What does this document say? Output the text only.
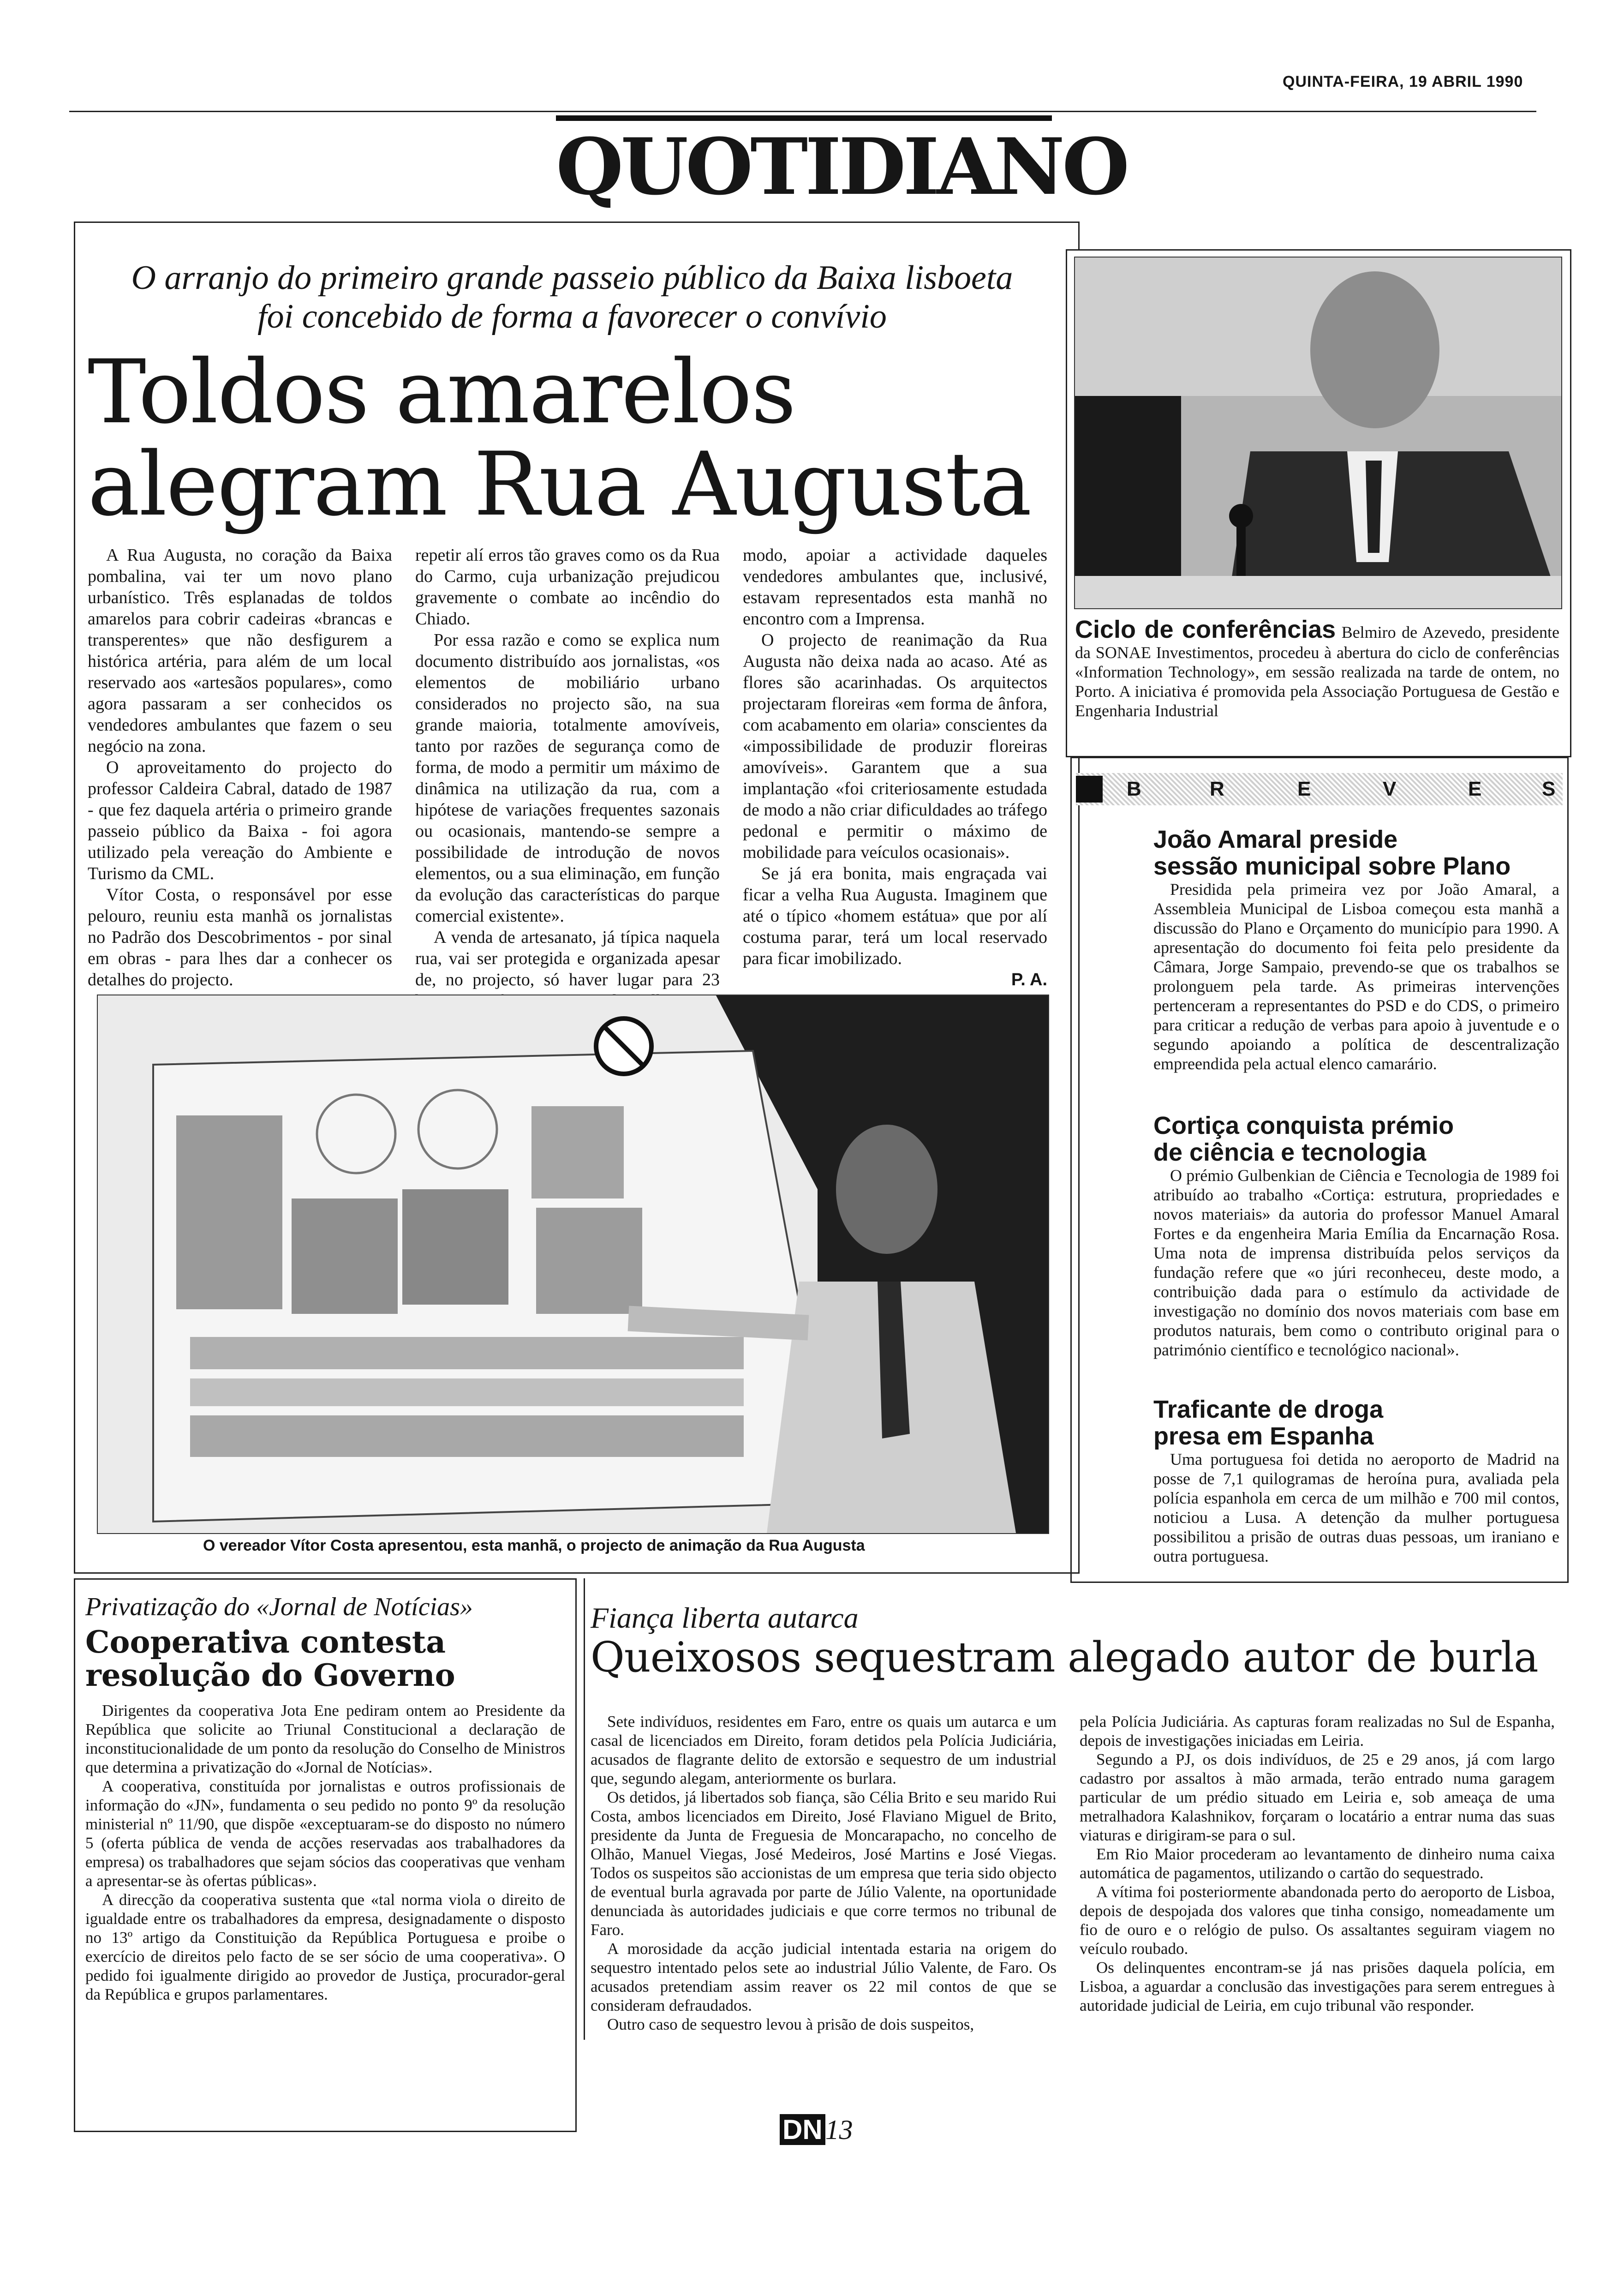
QUINTA-FEIRA, 19 ABRIL 1990
QUOTIDIANO
O arranjo do primeiro grande passeio público da Baixa lisboeta
foi concebido de forma a favorecer o convívio
Toldos amarelos
alegram Rua Augusta

A Rua Augusta, no coração da Baixa pombalina, vai ter um novo plano urbanístico. Três esplanadas de toldos amarelos para cobrir cadeiras «brancas e transperentes» que não desfigurem a histórica artéria, para além de um local reservado aos «artesãos populares», como agora passaram a ser conhecidos os vendedores ambulantes que fazem o seu negócio na zona.

O aproveitamento do projecto do professor Caldeira Cabral, datado de 1987 - que fez daquela artéria o primeiro grande passeio público da Baixa - foi agora utilizado pela vereação do Ambiente e Turismo da CML.

Vítor Costa, o responsável por esse pelouro, reuniu esta manhã os jornalistas no Padrão dos Descobrimentos - por sinal em obras - para lhes dar a conhecer os detalhes do projecto.

repetir alí erros tão graves como os da Rua do Carmo, cuja urbanização prejudicou gravemente o combate ao incêndio do Chiado.

Por essa razão e como se explica num documento distribuído aos jornalistas, «os elementos de mobiliário urbano considerados no projecto são, na sua grande maioria, totalmente amovíveis, tanto por razões de segurança como de forma, de modo a permitir um máximo de dinâmica na utilização da rua, com a hipótese de variações frequentes sazonais ou ocasionais, mantendo-se sempre a possibilidade de introdução de novos elementos, ou a sua eliminação, em função da evolução das características do parque comercial existente».

A venda de artesanato, já típica naquela rua, vai ser protegida e organizada apesar de, no projecto, só haver lugar para 23

modo, apoiar a actividade daqueles vendedores ambulantes que, inclusivé, estavam representados esta manhã no encontro com a Imprensa.

O projecto de reanimação da Rua Augusta não deixa nada ao acaso. Até as flores são acarinhadas. Os arquitectos projectaram floreiras «em forma de ânfora, com acabamento em olaria» conscientes da «impossibilidade de produzir floreiras amovíveis». Garantem que a sua implantação «foi criteriosamente estudada de modo a não criar dificuldades ao tráfego pedonal e permitir o máximo de mobilidade para veículos ocasionais».

Se já era bonita, mais engraçada vai ficar a velha Rua Augusta. Imaginem que até o típico «homem estátua» que por alí costuma parar, terá um local reservado para ficar imobilizado.

P. A.
O vereador Vítor Costa apresentou, esta manhã, o projecto de animação da Rua Augusta
Ciclo de conferências Belmiro de Azevedo, presidente da SONAE Investimentos, procedeu à abertura do ciclo de conferências «Information Technology», em sessão realizada na tarde de ontem, no Porto. A iniciativa é promovida pela Associação Portuguesa de Gestão e Engenharia Industrial
B	R	E	V	E	S
João Amaral preside
sessão municipal sobre Plano

Presidida pela primeira vez por João Amaral, a Assembleia Municipal de Lisboa começou esta manhã a discussão do Plano e Orçamento do município para 1990. A apresentação do documento foi feita pelo presidente da Câmara, Jorge Sampaio, prevendo-se que os trabalhos se prolonguem pela tarde. As primeiras intervenções pertenceram a representantes do PSD e do CDS, o primeiro para criticar a redução de verbas para apoio à juventude e o segundo apoiando a política de descentralização empreendida pela actual elenco camarário.

Cortiça conquista prémio
de ciência e tecnologia

O prémio Gulbenkian de Ciência e Tecnologia de 1989 foi atribuído ao trabalho «Cortiça: estrutura, propriedades e novos materiais» da autoria do professor Manuel Amaral Fortes e da engenheira Maria Emília da Encarnação Rosa. Uma nota de imprensa distribuída pelos serviços da fundação refere que «o júri reconheceu, deste modo, a contribuição dada para o estímulo da actividade de investigação no domínio dos novos materiais com base em produtos naturais, bem como o contributo original para o património científico e tecnológico nacional».

Traficante de droga
presa em Espanha

Uma portuguesa foi detida no aeroporto de Madrid na posse de 7,1 quilogramas de heroína pura, avaliada pela polícia espanhola em cerca de um milhão e 700 mil contos, noticiou a Lusa. A detenção da mulher portuguesa possibilitou a prisão de outras duas pessoas, um iraniano e outra portuguesa.

Privatização do «Jornal de Notícias»
Cooperativa contesta
resolução do Governo

Dirigentes da cooperativa Jota Ene pediram ontem ao Presidente da República que solicite ao Triunal Constitucional a declaração de inconstitucionalidade de um ponto da resolução do Conselho de Ministros que determina a privatização do «Jornal de Notícias».

A cooperativa, constituída por jornalistas e outros profissionais de informação do «JN», fundamenta o seu pedido no ponto 9º da resolução ministerial nº 11/90, que dispõe «exceptuaram-se do disposto no número 5 (oferta pública de venda de acções reservadas aos trabalhadores da empresa) os trabalhadores que sejam sócios das cooperativas que venham a apresentar-se às ofertas públicas».

A direcção da cooperativa sustenta que «tal norma viola o direito de igualdade entre os trabalhadores da empresa, designadamente o disposto no 13º artigo da Constituição da República Portuguesa e proibe o exercício de direitos pelo facto de se ser sócio de uma cooperativa». O pedido foi igualmente dirigido ao provedor de Justiça, procurador-geral da República e grupos parlamentares.

Fiança liberta autarca
Queixosos sequestram alegado autor de burla

Sete indivíduos, residentes em Faro, entre os quais um autarca e um casal de licenciados em Direito, foram detidos pela Polícia Judiciária, acusados de flagrante delito de extorsão e sequestro de um industrial que, segundo alegam, anteriormente os burlara.

Os detidos, já libertados sob fiança, são Célia Brito e seu marido Rui Costa, ambos licenciados em Direito, José Flaviano Miguel de Brito, presidente da Junta de Freguesia de Moncarapacho, no concelho de Olhão, Manuel Viegas, José Medeiros, José Martins e José Viegas. Todos os suspeitos são accionistas de um empresa que teria sido objecto de eventual burla agravada por parte de Júlio Valente, na oportunidade denunciada às autoridades judiciais e que corre termos no tribunal de Faro.

A morosidade da acção judicial intentada estaria na origem do sequestro intentado pelos sete ao industrial Júlio Valente, de Faro. Os acusados pretendiam assim reaver os 22 mil contos de que se consideram defraudados.

Outro caso de sequestro levou à prisão de dois suspeitos,

pela Polícia Judiciária. As capturas foram realizadas no Sul de Espanha, depois de investigações iniciadas em Leiria.

Segundo a PJ, os dois indivíduos, de 25 e 29 anos, já com largo cadastro por assaltos à mão armada, terão entrado numa garagem particular de um prédio situado em Leiria e, sob ameaça de uma metralhadora Kalashnikov, forçaram o locatário a entrar numa das suas viaturas e dirigiram-se para o sul.

Em Rio Maior procederam ao levantamento de dinheiro numa caixa automática de pagamentos, utilizando o cartão do sequestrado.

A vítima foi posteriormente abandonada perto do aeroporto de Lisboa, depois de despojada dos valores que tinha consigo, nomeadamente um fio de ouro e o relógio de pulso. Os assaltantes seguiram viagem no veículo roubado.

Os delinquentes encontram-se já nas prisões daquela polícia, em Lisboa, a aguardar a conclusão das investigações para serem entregues à autoridade judicial de Leiria, em cujo tribunal vão responder.

DN 13
